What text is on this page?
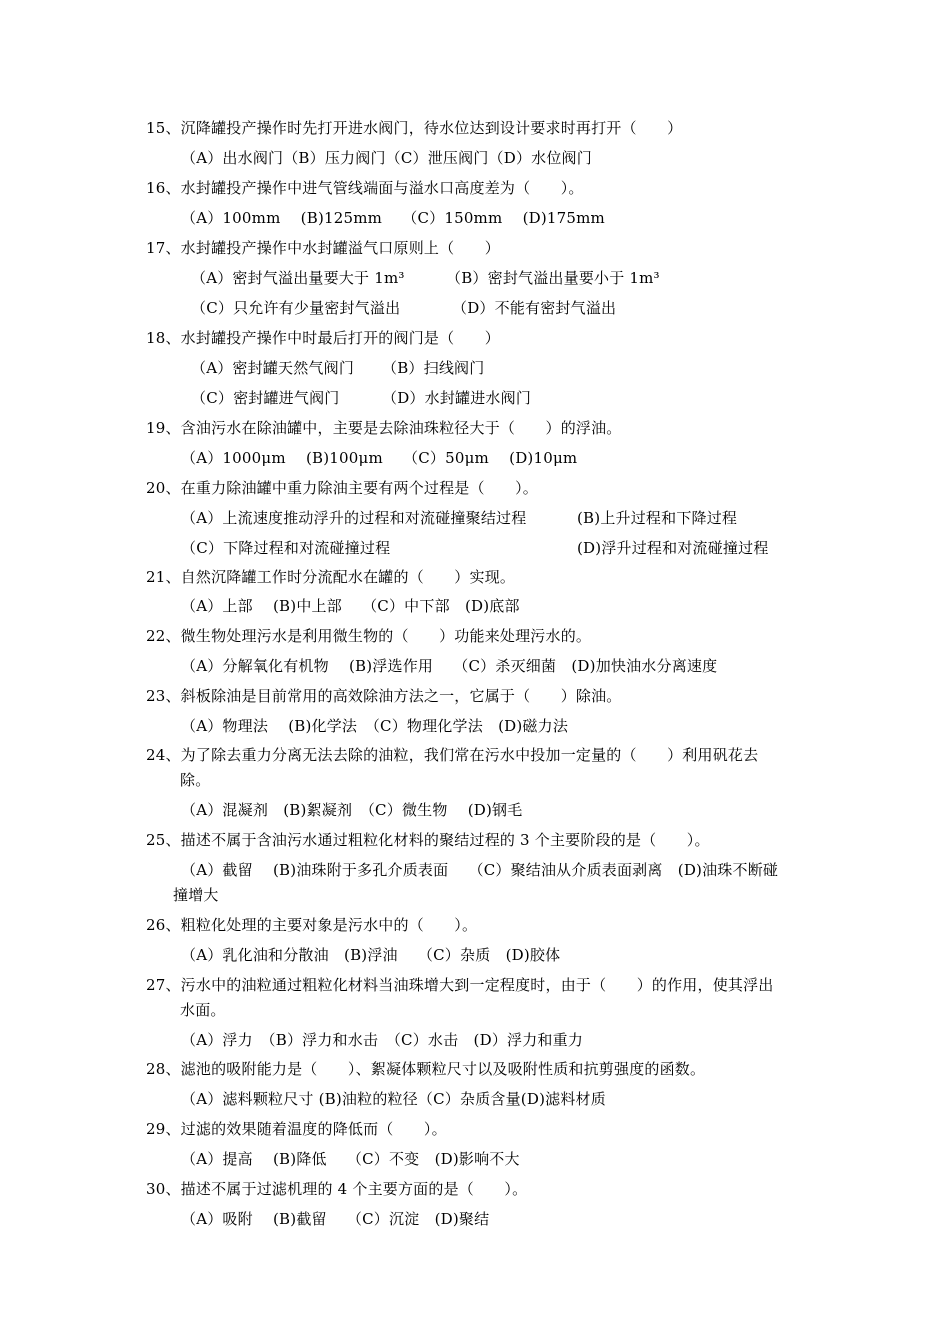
15、沉降罐投产操作时先打开进水阀门，待水位达到设计要求时再打开（　　）
（A）出水阀门（B）压力阀门（C）泄压阀门（D）水位阀门
16、水封罐投产操作中进气管线端面与溢水口高度差为（　　）。
（A）100mm　 (B)125mm　 （C）150mm　 (D)175mm
17、水封罐投产操作中水封罐溢气口原则上（　　）
（A）密封气溢出量要大于 1m³	（B）密封气溢出量要小于 1m³
（C）只允许有少量密封气溢出	（D）不能有密封气溢出
18、水封罐投产操作中时最后打开的阀门是（　　）
（A）密封罐天然气阀门 （B）扫线阀门
（C）密封罐进气阀门	（D）水封罐进水阀门
19、含油污水在除油罐中，主要是去除油珠粒径大于（　　）的浮油。
（A）1000μm　 (B)100μm　 （C）50μm　 (D)10μm
20、在重力除油罐中重力除油主要有两个过程是（　　）。
（A）上流速度推动浮升的过程和对流碰撞聚结过程	(B)上升过程和下降过程
（C）下降过程和对流碰撞过程	(D)浮升过程和对流碰撞过程
21、自然沉降罐工作时分流配水在罐的（　　）实现。
（A）上部　 (B)中上部　 （C）中下部　(D)底部
22、微生物处理污水是利用微生物的（　　）功能来处理污水的。
（A）分解氧化有机物　 (B)浮选作用　 （C）杀灭细菌　(D)加快油水分离速度
23、斜板除油是目前常用的高效除油方法之一，它属于（　　）除油。
（A）物理法　 (B)化学法　（C）物理化学法　(D)磁力法
24、为了除去重力分离无法去除的油粒，我们常在污水中投加一定量的（　　）利用矾花去
除。
（A）混凝剂　(B)絮凝剂　（C）微生物　 (D)钢毛
25、描述不属于含油污水通过粗粒化材料的聚结过程的 3 个主要阶段的是（　　）。
（A）截留　 (B)油珠附于多孔介质表面　 （C）聚结油从介质表面剥离　(D)油珠不断碰
撞增大
26、粗粒化处理的主要对象是污水中的（　　）。
（A）乳化油和分散油　(B)浮油　 （C）杂质　(D)胶体
27、污水中的油粒通过粗粒化材料当油珠增大到一定程度时，由于（　　）的作用，使其浮出
水面。
（A）浮力　（B）浮力和水击　（C）水击　(D）浮力和重力
28、滤池的吸附能力是（　　）、絮凝体颗粒尺寸以及吸附性质和抗剪强度的函数。
（A）滤料颗粒尺寸 (B)油粒的粒径（C）杂质含量(D)滤料材质
29、过滤的效果随着温度的降低而（　　）。
（A）提高　 (B)降低　 （C）不变　(D)影响不大
30、描述不属于过滤机理的 4 个主要方面的是（　　）。
（A）吸附　 (B)截留　 （C）沉淀　(D)聚结
